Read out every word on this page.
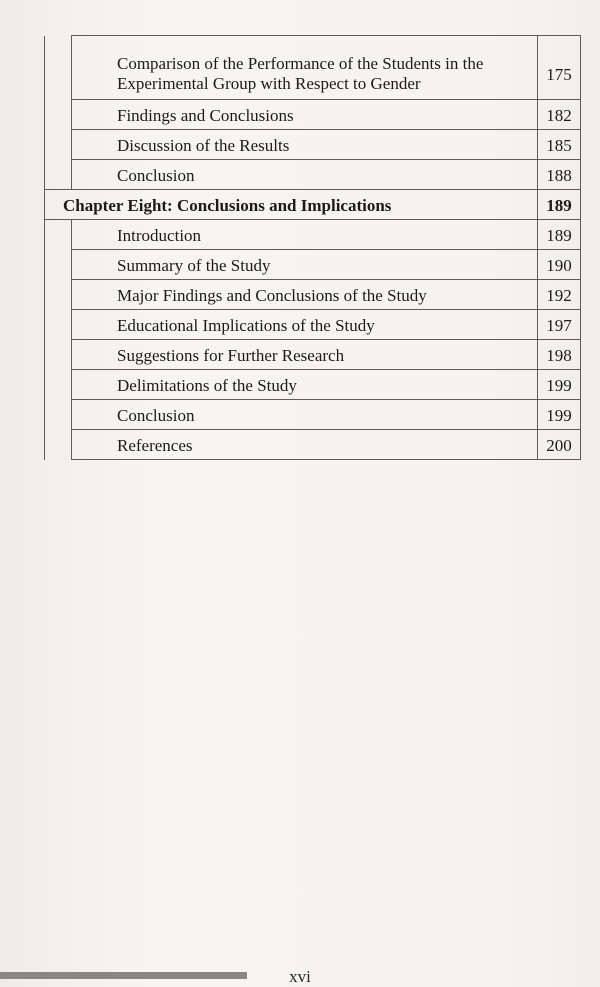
	Comparison of the Performance of the Students in the Experimental Group with Respect to Gender	175
	Findings and Conclusions	182
	Discussion of the Results	185
	Conclusion	188
Chapter Eight: Conclusions and Implications		189
	Introduction	189
	Summary of the Study	190
	Major Findings and Conclusions of the Study	192
	Educational Implications of the Study	197
	Suggestions for Further Research	198
	Delimitations of the Study	199
	Conclusion	199
	References	200
xvi
